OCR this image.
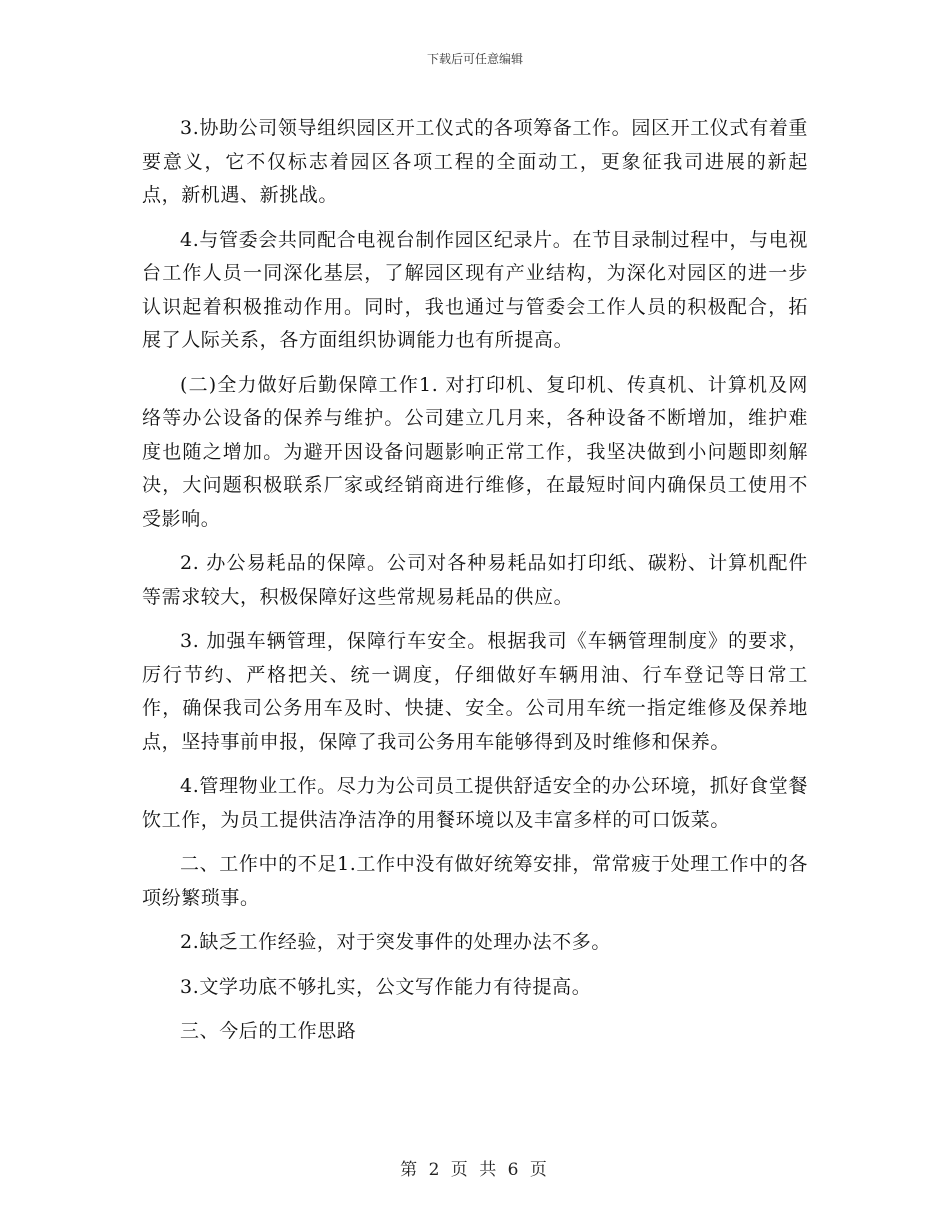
下载后可任意编辑

3.协助公司领导组织园区开工仪式的各项筹备工作。园区开工仪式有着重要意义，它不仅标志着园区各项工程的全面动工，更象征我司进展的新起点，新机遇、新挑战。

4.与管委会共同配合电视台制作园区纪录片。在节目录制过程中，与电视台工作人员一同深化基层，了解园区现有产业结构，为深化对园区的进一步认识起着积极推动作用。同时，我也通过与管委会工作人员的积极配合，拓展了人际关系，各方面组织协调能力也有所提高。

(二)全力做好后勤保障工作1. 对打印机、复印机、传真机、计算机及网络等办公设备的保养与维护。公司建立几月来，各种设备不断增加，维护难度也随之增加。为避开因设备问题影响正常工作，我坚决做到小问题即刻解决，大问题积极联系厂家或经销商进行维修，在最短时间内确保员工使用不受影响。

2. 办公易耗品的保障。公司对各种易耗品如打印纸、碳粉、计算机配件等需求较大，积极保障好这些常规易耗品的供应。

3. 加强车辆管理，保障行车安全。根据我司《车辆管理制度》的要求，厉行节约、严格把关、统一调度，仔细做好车辆用油、行车登记等日常工作，确保我司公务用车及时、快捷、安全。公司用车统一指定维修及保养地点，坚持事前申报，保障了我司公务用车能够得到及时维修和保养。

4.管理物业工作。尽力为公司员工提供舒适安全的办公环境，抓好食堂餐饮工作，为员工提供洁净洁净的用餐环境以及丰富多样的可口饭菜。

二、工作中的不足1.工作中没有做好统筹安排，常常疲于处理工作中的各项纷繁琐事。

2.缺乏工作经验，对于突发事件的处理办法不多。

3.文学功底不够扎实，公文写作能力有待提高。

三、今后的工作思路

第 2 页 共 6 页
